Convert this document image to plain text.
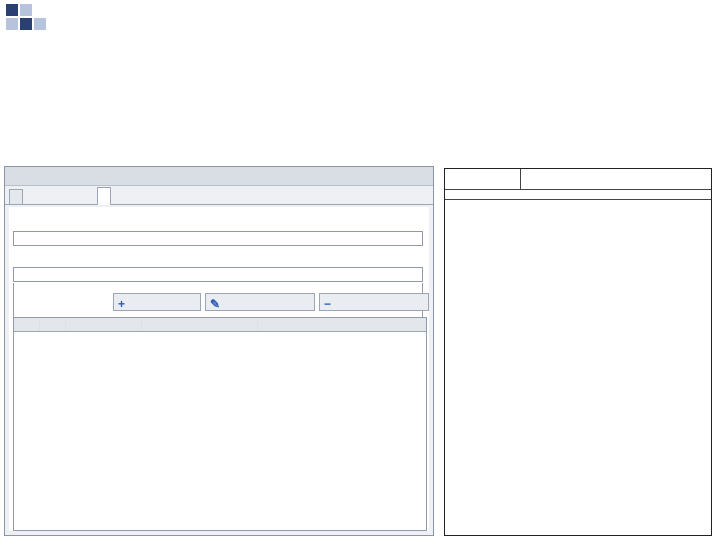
+	✎	−
